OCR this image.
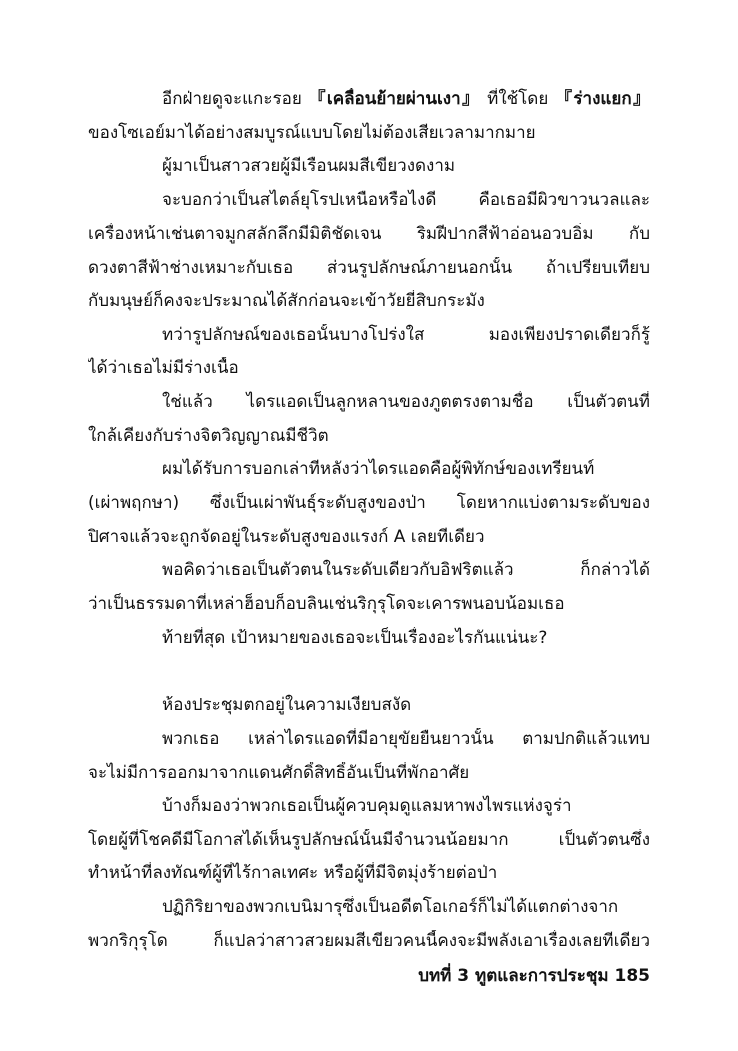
อีกฝ่ายดูจะแกะรอย 『เคลื่อนย้ายผ่านเงา』 ที่ใช้โดย 『ร่างแยก』
ของโซเอย์มาได้อย่างสมบูรณ์แบบโดยไม่ต้องเสียเวลามากมาย
ผู้มาเป็นสาวสวยผู้มีเรือนผมสีเขียวงดงาม
จะบอกว่าเป็นสไตล์ยุโรปเหนือหรือไงดี คือเธอมีผิวขาวนวลและ
เครื่องหน้าเช่นตาจมูกสลักลึกมีมิติชัดเจน ริมฝีปากสีฟ้าอ่อนอวบอิ่ม กับ
ดวงตาสีฟ้าช่างเหมาะกับเธอ ส่วนรูปลักษณ์ภายนอกนั้น ถ้าเปรียบเทียบ
กับมนุษย์ก็คงจะประมาณได้สักก่อนจะเข้าวัยยี่สิบกระมัง
ทว่ารูปลักษณ์ของเธอนั้นบางโปร่งใส มองเพียงปราดเดียวก็รู้
ได้ว่าเธอไม่มีร่างเนื้อ
ใช่แล้ว ไดรแอดเป็นลูกหลานของภูตตรงตามชื่อ เป็นตัวตนที่
ใกล้เคียงกับร่างจิตวิญญาณมีชีวิต
ผมได้รับการบอกเล่าทีหลังว่าไดรแอดคือผู้พิทักษ์ของเทรียนท์
(เผ่าพฤกษา) ซึ่งเป็นเผ่าพันธุ์ระดับสูงของป่า โดยหากแบ่งตามระดับของ
ปิศาจแล้วจะถูกจัดอยู่ในระดับสูงของแรงก์ A เลยทีเดียว
พอคิดว่าเธอเป็นตัวตนในระดับเดียวกับอิฟริตแล้ว ก็กล่าวได้
ว่าเป็นธรรมดาที่เหล่าฮ็อบก็อบลินเช่นริกุรุโดจะเคารพนอบน้อมเธอ
ท้ายที่สุด เป้าหมายของเธอจะเป็นเรื่องอะไรกันแน่นะ?
ห้องประชุมตกอยู่ในความเงียบสงัด
พวกเธอ เหล่าไดรแอดที่มีอายุขัยยืนยาวนั้น ตามปกติแล้วแทบ
จะไม่มีการออกมาจากแดนศักดิ์สิทธิ์อันเป็นที่พักอาศัย
บ้างก็มองว่าพวกเธอเป็นผู้ควบคุมดูแลมหาพงไพรแห่งจูร่า
โดยผู้ที่โชคดีมีโอกาสได้เห็นรูปลักษณ์นั้นมีจำนวนน้อยมาก เป็นตัวตนซึ่ง
ทำหน้าที่ลงทัณฑ์ผู้ที่ไร้กาลเทศะ หรือผู้ที่มีจิตมุ่งร้ายต่อป่า
ปฏิกิริยาของพวกเบนิมารุซึ่งเป็นอดีตโอเกอร์ก็ไม่ได้แตกต่างจาก
พวกริกุรุโด ก็แปลว่าสาวสวยผมสีเขียวคนนี้คงจะมีพลังเอาเรื่องเลยทีเดียว
บทที่ 3 ทูตและการประชุม 185
